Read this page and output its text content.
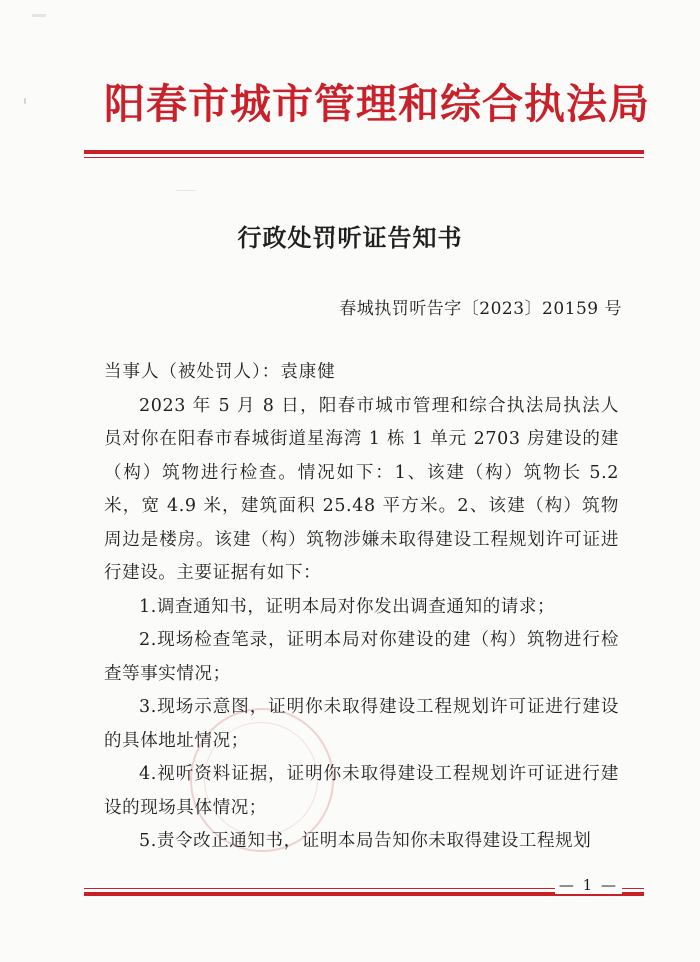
阳春市城市管理和综合执法局
行政处罚听证告知书
春城执罚听告字〔2023〕20159 号

当事人（被处罚人）：袁康健

2023 年 5 月 8 日，阳春市城市管理和综合执法局执法人员对你在阳春市春城街道星海湾 1 栋 1 单元 2703 房建设的建（构）筑物进行检查。情况如下：1、该建（构）筑物长 5.2 米，宽 4.9 米，建筑面积 25.48 平方米。2、该建（构）筑物周边是楼房。该建（构）筑物涉嫌未取得建设工程规划许可证进行建设。主要证据有如下：

1.调查通知书，证明本局对你发出调查通知的请求；

2.现场检查笔录，证明本局对你建设的建（构）筑物进行检查等事实情况；

3.现场示意图，证明你未取得建设工程规划许可证进行建设的具体地址情况；

4.视听资料证据，证明你未取得建设工程规划许可证进行建设的现场具体情况；

5.责令改正通知书，证明本局告知你未取得建设工程规划

— 1 —
